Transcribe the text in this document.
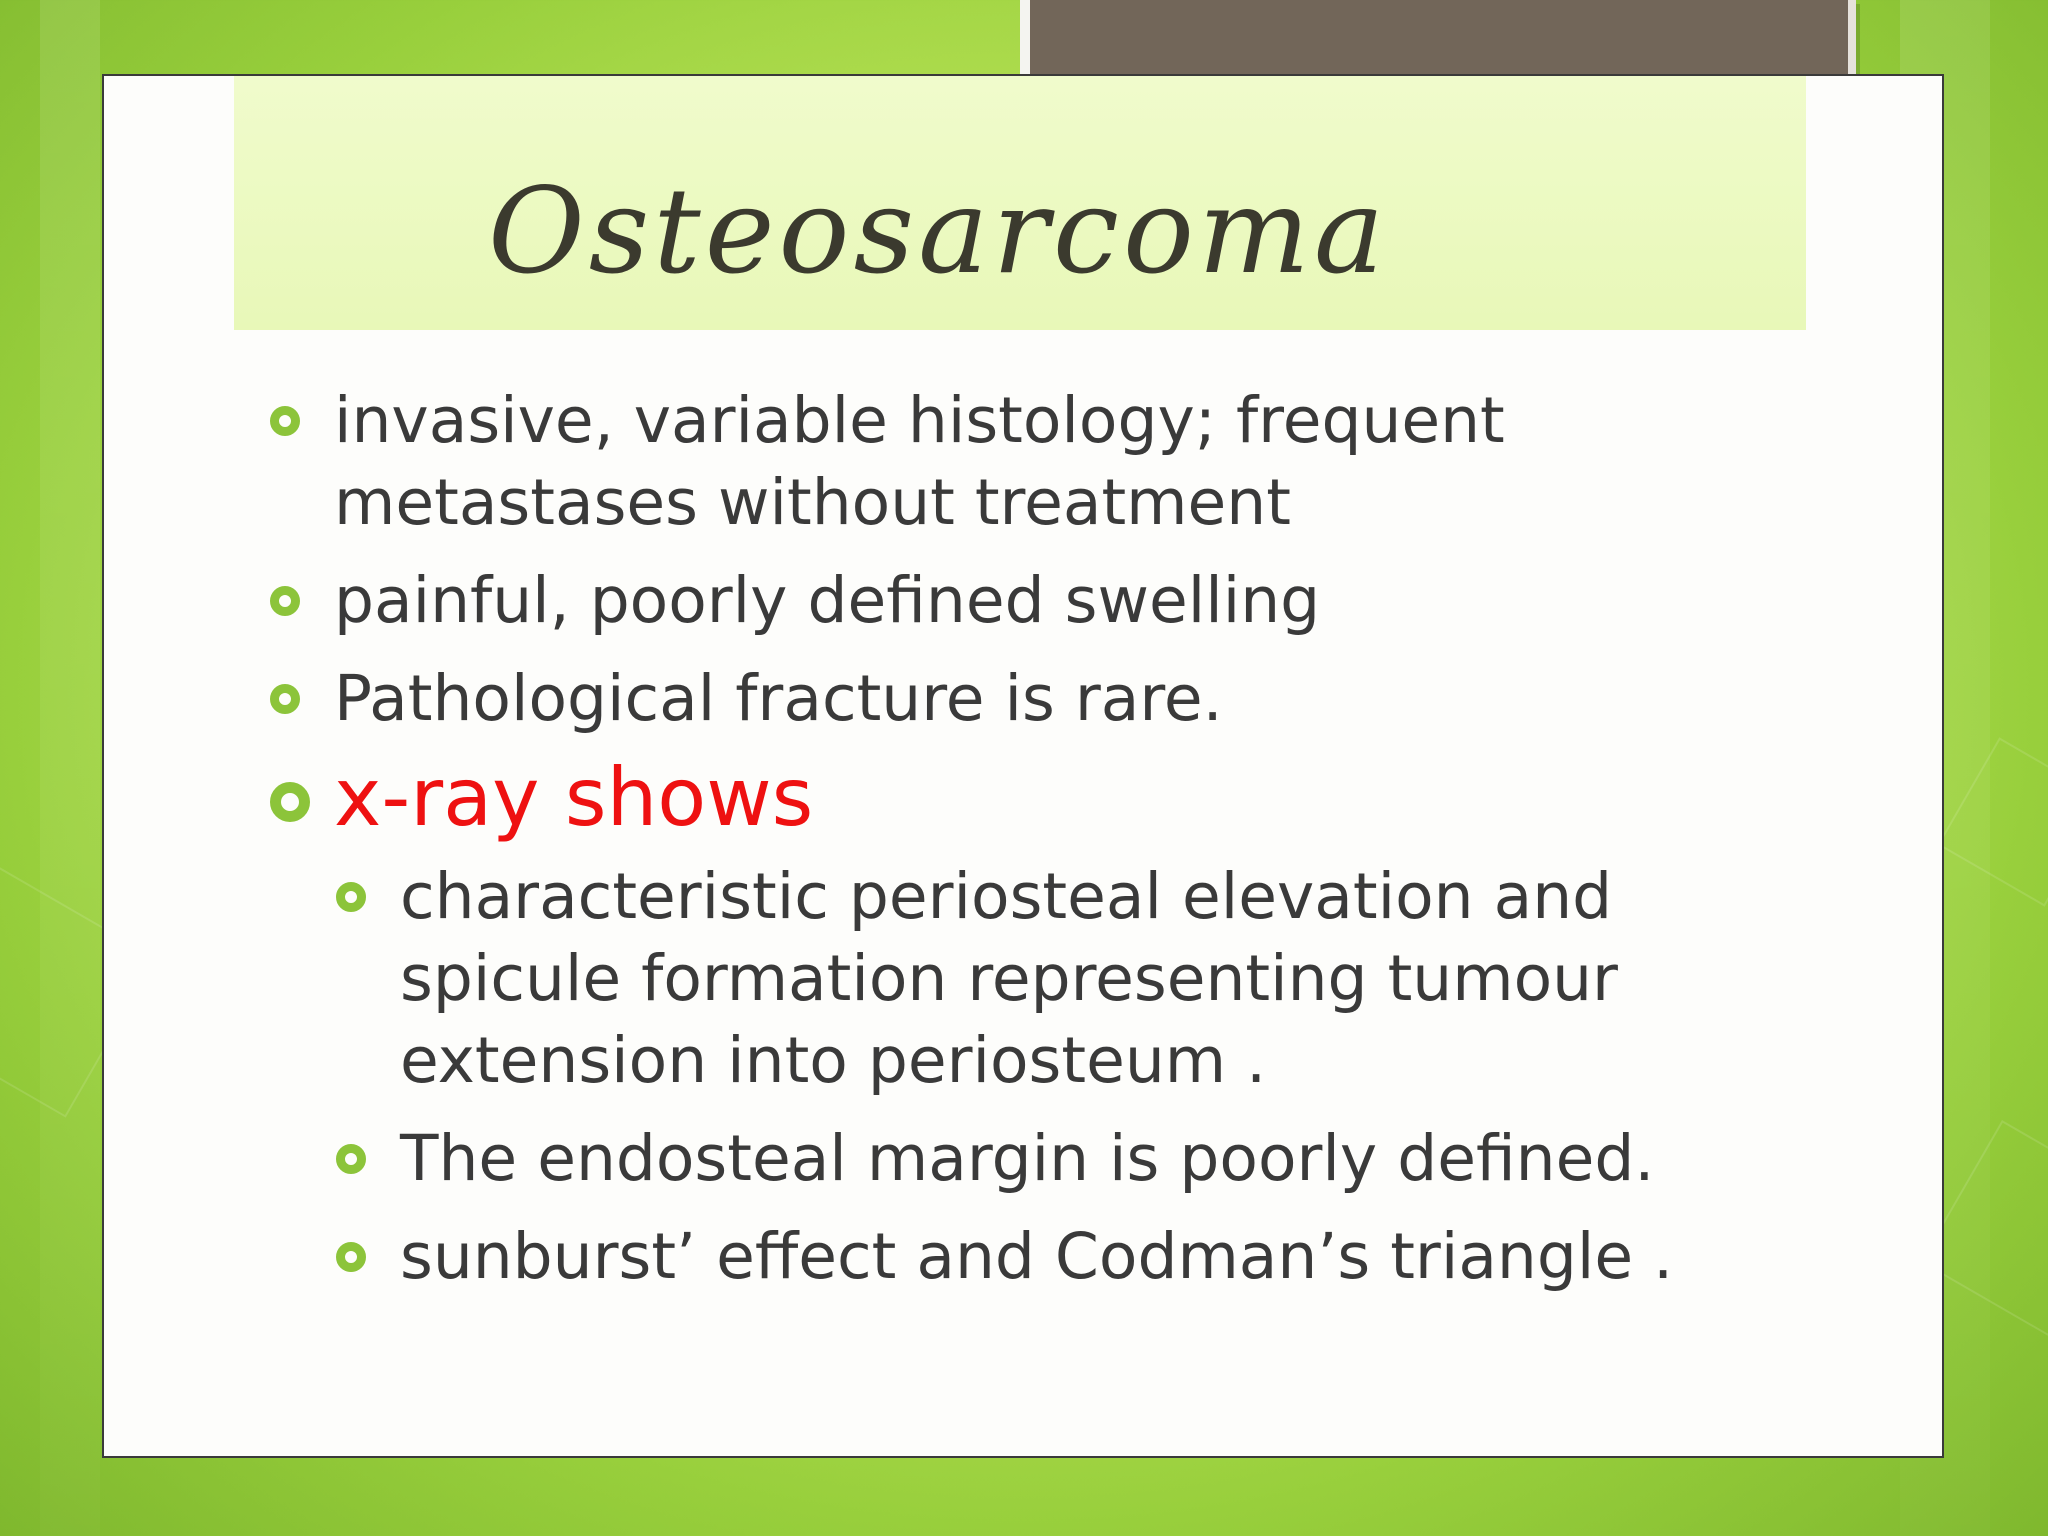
Osteosarcoma
invasive, variable histology; frequent metastases without treatment
painful, poorly defined swelling
Pathological fracture is rare.
x-ray shows
characteristic periosteal elevation and spicule formation representing tumour extension into periosteum .
The endosteal margin is poorly defined.
sunburst’ effect and Codman’s triangle .
